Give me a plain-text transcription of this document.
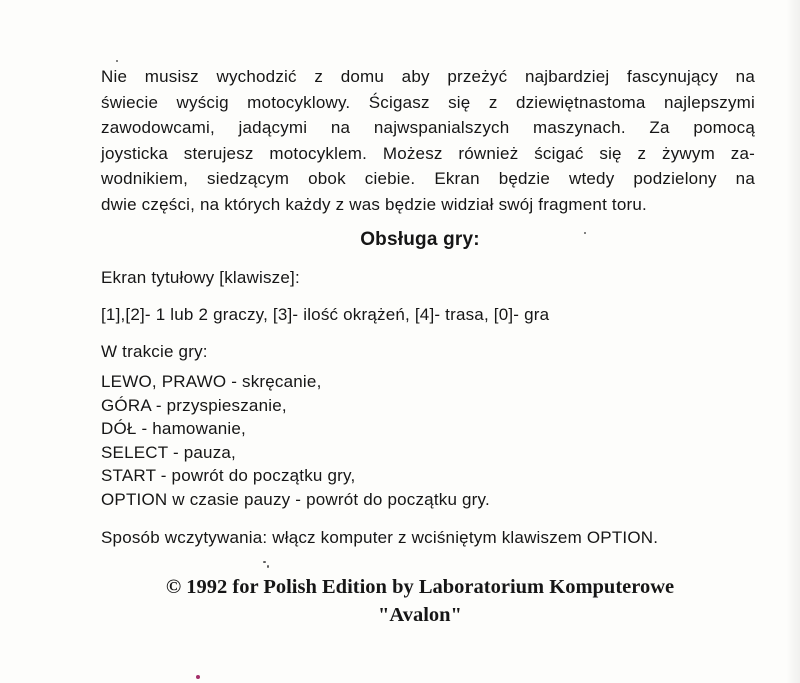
Nie musisz wychodzić z domu aby przeżyć najbardziej fascynujący na
świecie wyścig motocyklowy. Ścigasz się z dziewiętnastoma najlepszymi
zawodowcami, jadącymi na najwspanialszych maszynach. Za pomocą
joysticka sterujesz motocyklem. Możesz również ścigać się z żywym za-
wodnikiem, siedzącym obok ciebie. Ekran będzie wtedy podzielony na
dwie części, na których każdy z was będzie widział swój fragment toru.
Obsługa gry:

Ekran tytułowy [klawisze]:

[1],[2]- 1 lub 2 graczy, [3]- ilość okrążeń, [4]- trasa, [0]- gra

W trakcie gry:

LEWO, PRAWO - skręcanie,
GÓRA - przyspieszanie,
DÓŁ - hamowanie,
SELECT - pauza,
START - powrót do początku gry,
OPTION w czasie pauzy - powrót do początku gry.

Sposób wczytywania: włącz komputer z wciśniętym klawiszem OPTION.

© 1992 for Polish Edition by Laboratorium Komputerowe

"Avalon"
